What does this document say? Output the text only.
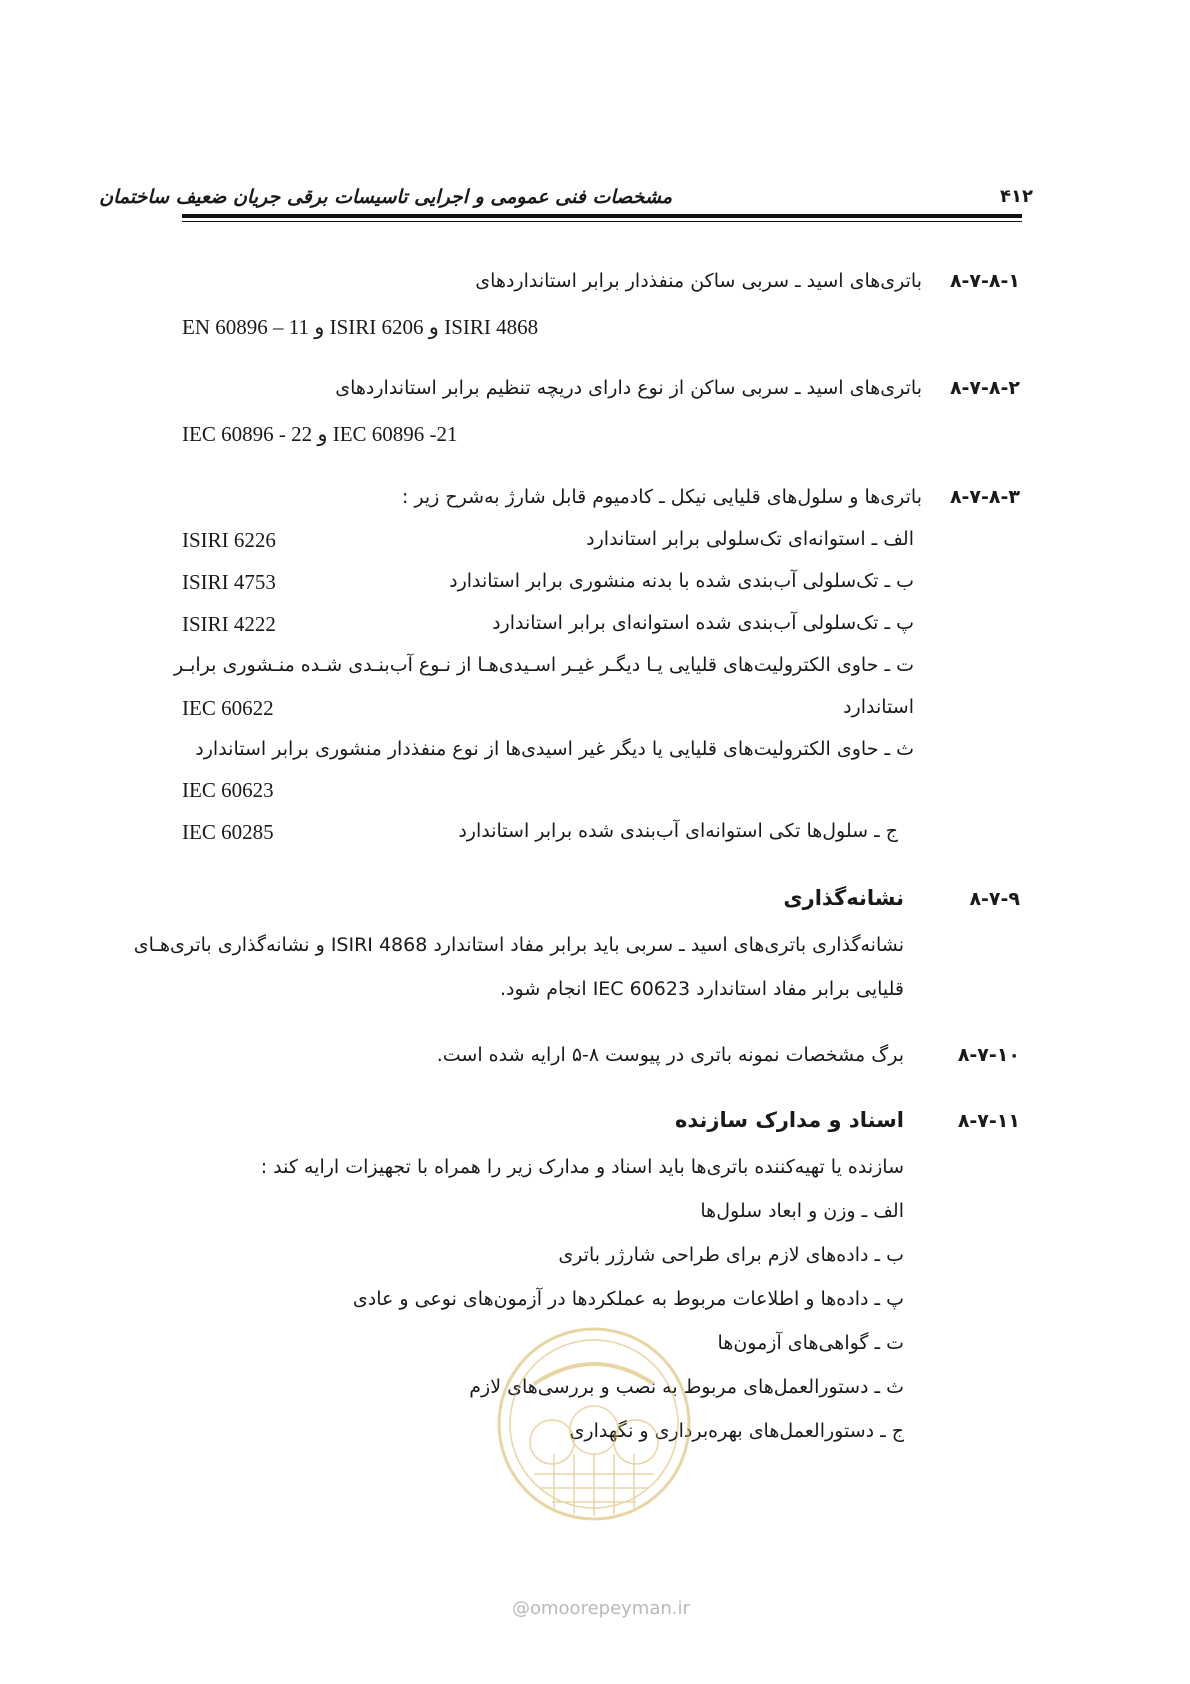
۴۱۲
مشخصات فنی عمومی و اجرایی تاسیسات برقی جریان ضعیف ساختمان
۸-۷-۸-۱
باتری‌های اسید ـ سربی ساکن منفذدار برابر استانداردهای
EN 60896 – 11 و ISIRI 6206 و ISIRI 4868
۸-۷-۸-۲
باتری‌های اسید ـ سربی ساکن از نوع دارای دریچه تنظیم برابر استانداردهای
IEC 60896 - 22 و IEC 60896 -21
۸-۷-۸-۳
باتری‌ها و سلول‌های قلیایی نیکل ـ کادمیوم قابل شارژ به‌شرح زیر :
الف ـ استوانه‌ای تک‌سلولی برابر استاندارد
ISIRI 6226
ب ـ تک‌سلولی آب‌بندی شده با بدنه منشوری برابر استاندارد
ISIRI 4753
پ ـ تک‌سلولی آب‌بندی شده استوانه‌ای برابر استاندارد
ISIRI 4222
ت ـ حاوی الکترولیت‌های قلیایی یـا دیگـر غیـر اسـیدی‌هـا از نـوع آب‌بنـدی شـده منـشوری برابـر
استاندارد
IEC 60622
ث ـ حاوی الکترولیت‌های قلیایی یا دیگر غیر اسیدی‌ها از نوع منفذدار منشوری برابر استاندارد
IEC 60623
ج ـ سلول‌ها تکی استوانه‌ای آب‌بندی شده برابر استاندارد
IEC 60285
۸-۷-۹
نشانه‌گذاری
نشانه‌گذاری باتری‌های اسید ـ سربی باید برابر مفاد استاندارد ISIRI 4868 و نشانه‌گذاری باتری‌هـای
قلیایی برابر مفاد استاندارد IEC 60623 انجام شود.
۸-۷-۱۰
برگ مشخصات نمونه باتری در پیوست ۸-۵ ارایه شده است.
۸-۷-۱۱
اسناد و مدارک سازنده
سازنده یا تهیه‌کننده باتری‌ها باید اسناد و مدارک زیر را همراه با تجهیزات ارایه کند :
الف ـ وزن و ابعاد سلول‌ها
ب ـ داده‌های لازم برای طراحی شارژر باتری
پ ـ داده‌ها و اطلاعات مربوط به عملکردها در آزمون‌های نوعی و عادی
ت ـ گواهی‌های آزمون‌ها
ث ـ دستورالعمل‌های مربوط به نصب و بررسی‌های لازم
ج ـ دستورالعمل‌های بهره‌برداری و نگهداری
@omoorepeyman.ir
